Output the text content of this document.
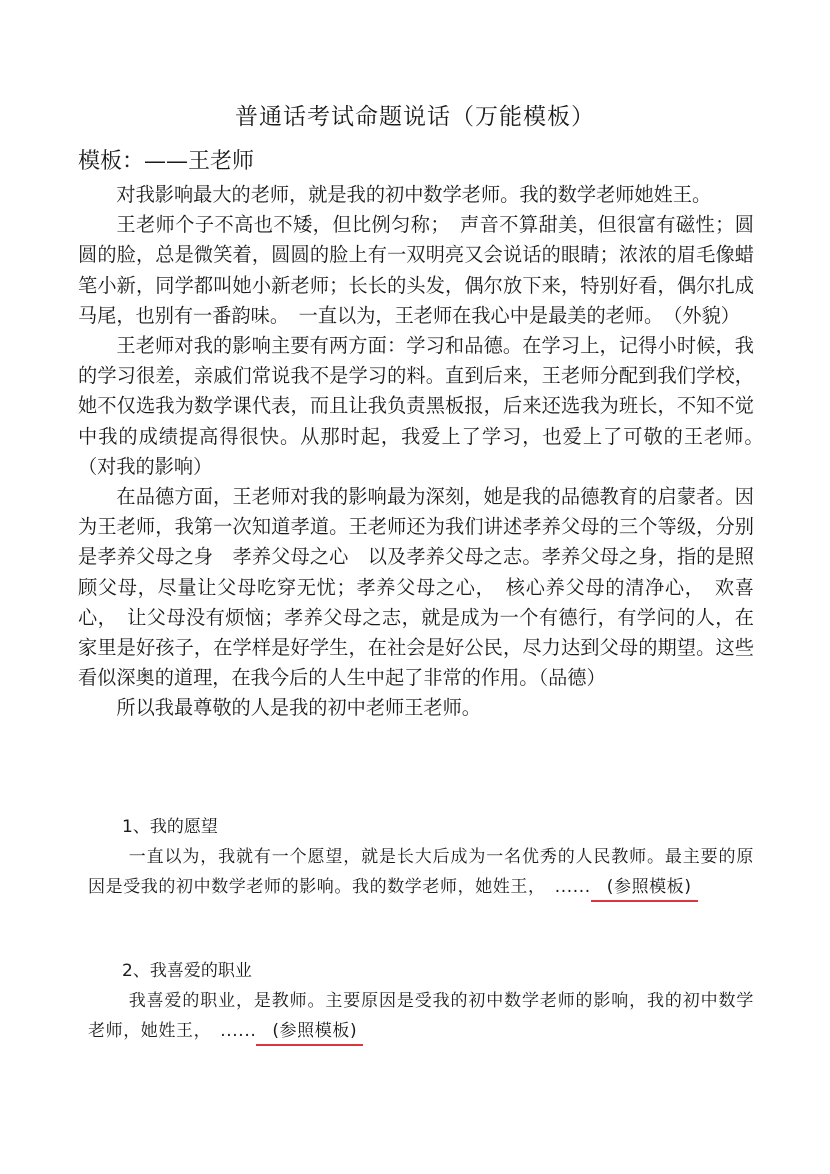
普通话考试命题说话（万能模板）
模板：——王老师

对我影响最大的老师，就是我的初中数学老师。我的数学老师她姓王。

王老师个子不高也不矮，但比例匀称；　声音不算甜美，但很富有磁性；圆圆的脸，总是微笑着，圆圆的脸上有一双明亮又会说话的眼睛；浓浓的眉毛像蜡笔小新，同学都叫她小新老师；长长的头发，偶尔放下来，特别好看，偶尔扎成马尾，也别有一番韵味。　一直以为，王老师在我心中是最美的老师。　（外貌）

王老师对我的影响主要有两方面：学习和品德。在学习上，记得小时候，我的学习很差，亲戚们常说我不是学习的料。直到后来，王老师分配到我们学校，她不仅选我为数学课代表，而且让我负责黑板报，后来还选我为班长，不知不觉中我的成绩提高得很快。从那时起，我爱上了学习，也爱上了可敬的王老师。　（对我的影响）

在品德方面，王老师对我的影响最为深刻，她是我的品德教育的启蒙者。因为王老师，我第一次知道孝道。王老师还为我们讲述孝养父母的三个等级，分别是孝养父母之身　孝养父母之心　以及孝养父母之志。孝养父母之身，指的是照顾父母，尽量让父母吃穿无忧；孝养父母之心，　核心养父母的清净心，　欢喜心，　让父母没有烦恼；孝养父母之志，就是成为一个有德行，有学问的人，在家里是好孩子，在学样是好学生，在社会是好公民，尽力达到父母的期望。这些看似深奥的道理，在我今后的人生中起了非常的作用。（品德）

所以我最尊敬的人是我的初中老师王老师。

1、我的愿望

一直以为，我就有一个愿望，就是长大后成为一名优秀的人民教师。最主要的原因是受我的初中数学老师的影响。我的数学老师，她姓王，　...... (参照模板)

2、我喜爱的职业

我喜爱的职业，是教师。主要原因是受我的初中数学老师的影响，我的初中数学老师，她姓王，　...... (参照模板)
